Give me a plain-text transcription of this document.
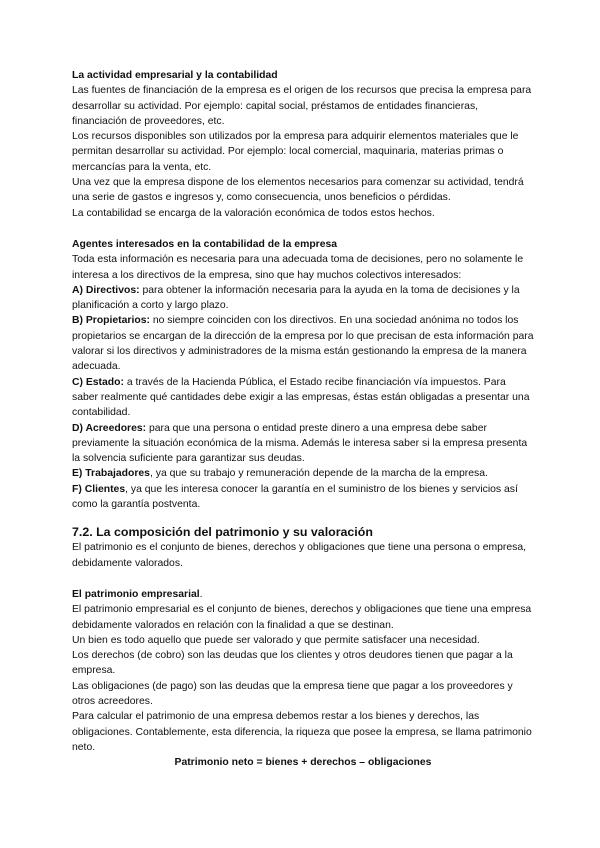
La actividad empresarial y la contabilidad

Las fuentes de financiación de la empresa es el origen de los recursos que precisa la empresa para desarrollar su actividad. Por ejemplo: capital social, préstamos de entidades financieras, financiación de proveedores, etc.

Los recursos disponibles son utilizados por la empresa para adquirir elementos materiales que le permitan desarrollar su actividad. Por ejemplo: local comercial, maquinaria, materias primas o mercancías para la venta, etc.

Una vez que la empresa dispone de los elementos necesarios para comenzar su actividad, tendrá una serie de gastos e ingresos y, como consecuencia, unos beneficios o pérdidas.

La contabilidad se encarga de la valoración económica de todos estos hechos.

Agentes interesados en la contabilidad de la empresa

Toda esta información es necesaria para una adecuada toma de decisiones, pero no solamente le interesa a los directivos de la empresa, sino que hay muchos colectivos interesados:

A) Directivos: para obtener la información necesaria para la ayuda en la toma de decisiones y la planificación a corto y largo plazo.

B) Propietarios: no siempre coinciden con los directivos. En una sociedad anónima no todos los propietarios se encargan de la dirección de la empresa por lo que precisan de esta información para valorar si los directivos y administradores de la misma están gestionando la empresa de la manera adecuada.

C) Estado: a través de la Hacienda Pública, el Estado recibe financiación vía impuestos. Para saber realmente qué cantidades debe exigir a las empresas, éstas están obligadas a presentar una contabilidad.

D) Acreedores: para que una persona o entidad preste dinero a una empresa debe saber previamente la situación económica de la misma. Además le interesa saber si la empresa presenta la solvencia suficiente para garantizar sus deudas.

E) Trabajadores, ya que su trabajo y remuneración depende de la marcha de la empresa.

F) Clientes, ya que les interesa conocer la garantía en el suministro de los bienes y servicios así como la garantía postventa.

7.2. La composición del patrimonio y su valoración

El patrimonio es el conjunto de bienes, derechos y obligaciones que tiene una persona o empresa, debidamente valorados.

El patrimonio empresarial.

El patrimonio empresarial es el conjunto de bienes, derechos y obligaciones que tiene una empresa debidamente valorados en relación con la finalidad a que se destinan.

Un bien es todo aquello que puede ser valorado y que permite satisfacer una necesidad.

Los derechos (de cobro) son las deudas que los clientes y otros deudores tienen que pagar a la empresa.

Las obligaciones (de pago) son las deudas que la empresa tiene que pagar a los proveedores y otros acreedores.

Para calcular el patrimonio de una empresa debemos restar a los bienes y derechos, las obligaciones. Contablemente, esta diferencia, la riqueza que posee la empresa, se llama patrimonio neto.

Patrimonio neto = bienes + derechos – obligaciones
